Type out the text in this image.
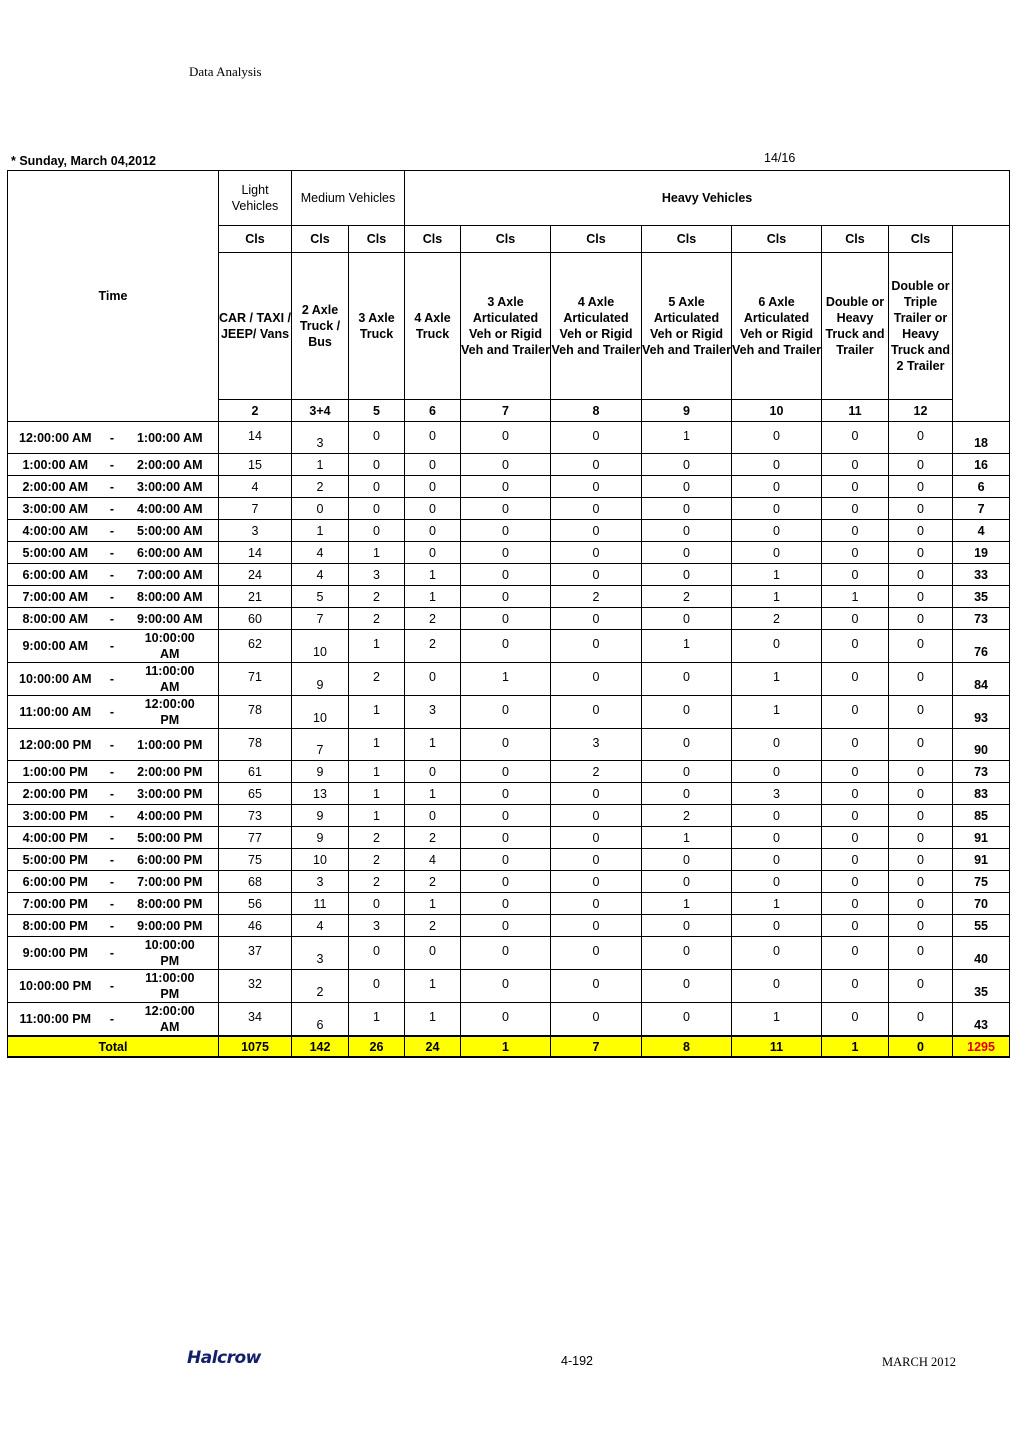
Data Analysis
* Sunday, March 04,2012	14/16
Time			Light Vehicles	Medium Vehicles		Heavy Vehicles	
			Cls	Cls	Cls	Cls	Cls	Cls	Cls	Cls	Cls	Cls		
			CAR / TAXI / JEEP/ Vans	2 Axle Truck / Bus	3 Axle Truck	4 Axle Truck	3 Axle Articulated Veh or Rigid Veh and Trailer	4 Axle Articulated Veh or Rigid Veh and Trailer	5 Axle Articulated Veh or Rigid Veh and Trailer	6 Axle Articulated Veh or Rigid Veh and Trailer	Double or Heavy Truck and Trailer	Double or Triple Trailer or Heavy Truck and 2 Trailer		
			2	3+4	5	6	7	8	9	10	11	12		
12:00:00 AM	-	1:00:00 AM	14	3	0	0	0	0	1	0	0	0	18	
1:00:00 AM	-	2:00:00 AM	15	1	0	0	0	0	0	0	0	0	16	
2:00:00 AM	-	3:00:00 AM	4	2	0	0	0	0	0	0	0	0	6	
3:00:00 AM	-	4:00:00 AM	7	0	0	0	0	0	0	0	0	0	7	
4:00:00 AM	-	5:00:00 AM	3	1	0	0	0	0	0	0	0	0	4	
5:00:00 AM	-	6:00:00 AM	14	4	1	0	0	0	0	0	0	0	19	
6:00:00 AM	-	7:00:00 AM	24	4	3	1	0	0	0	1	0	0	33	
7:00:00 AM	-	8:00:00 AM	21	5	2	1	0	2	2	1	1	0	35	
8:00:00 AM	-	9:00:00 AM	60	7	2	2	0	0	0	2	0	0	73	
9:00:00 AM	-	10:00:00 AM	62	10	1	2	0	0	1	0	0	0	76	
10:00:00 AM	-	11:00:00 AM	71	9	2	0	1	0	0	1	0	0	84	
11:00:00 AM	-	12:00:00 PM	78	10	1	3	0	0	0	1	0	0	93	
12:00:00 PM	-	1:00:00 PM	78	7	1	1	0	3	0	0	0	0	90	
1:00:00 PM	-	2:00:00 PM	61	9	1	0	0	2	0	0	0	0	73	
2:00:00 PM	-	3:00:00 PM	65	13	1	1	0	0	0	3	0	0	83	
3:00:00 PM	-	4:00:00 PM	73	9	1	0	0	0	2	0	0	0	85	
4:00:00 PM	-	5:00:00 PM	77	9	2	2	0	0	1	0	0	0	91	
5:00:00 PM	-	6:00:00 PM	75	10	2	4	0	0	0	0	0	0	91	
6:00:00 PM	-	7:00:00 PM	68	3	2	2	0	0	0	0	0	0	75	
7:00:00 PM	-	8:00:00 PM	56	11	0	1	0	0	1	1	0	0	70	
8:00:00 PM	-	9:00:00 PM	46	4	3	2	0	0	0	0	0	0	55	
9:00:00 PM	-	10:00:00 PM	37	3	0	0	0	0	0	0	0	0	40	
10:00:00 PM	-	11:00:00 PM	32	2	0	1	0	0	0	0	0	0	35	
11:00:00 PM	-	12:00:00 AM	34	6	1	1	0	0	0	1	0	0	43	
Total			1075	142	26	24	1	7	8	11	1	0	1295	
Halcrow	4-192	MARCH 2012
